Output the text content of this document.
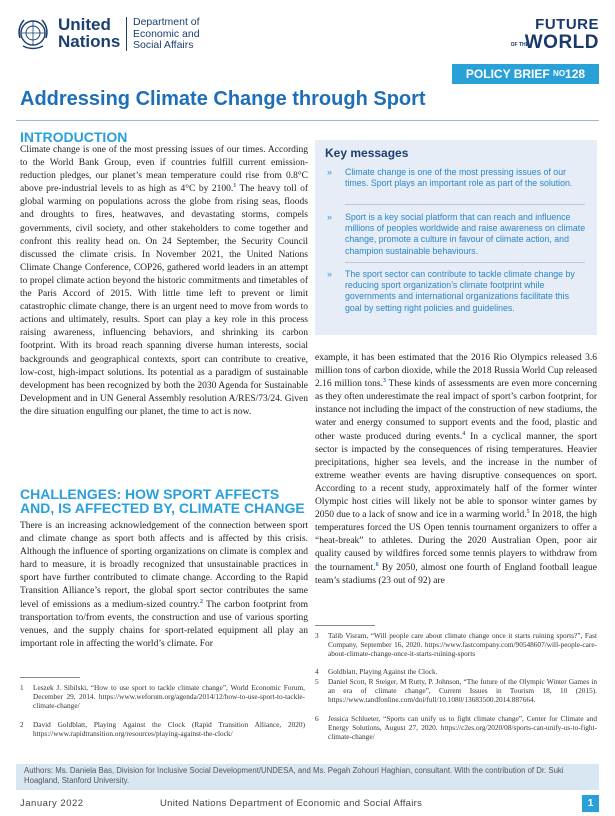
United
Nations
Department of
Economic and
Social Affairs
FUTURE
OF THE
WORLD
POLICY BRIEF NO128
Addressing Climate Change through Sport
INTRODUCTION
Climate change is one of the most pressing issues of our times. According to the World Bank Group, even if countries fulfill current emission-reduction pledges, our planet’s mean temperature could rise from 0.8°C above pre-industrial levels to as high as 4°C by 2100.$^1$ The heavy toll of global warming on populations across the globe from rising seas, floods and droughts to fires, heatwaves, and devastating storms, compels governments, civil society, and other stakeholders to come together and confront this reality head on. On 24 September, the Security Council discussed the climate crisis. In November 2021, the United Nations Climate Change Conference, COP26, gathered world leaders in an attempt to propel climate action beyond the historic commitments and timetables of the Paris Accord of 2015. With little time left to prevent or limit catastrophic climate change, there is an urgent need to move from words to actions and ultimately, results. Sport can play a key role in this process raising awareness, influencing behaviors, and shrinking its carbon footprint. With its broad reach spanning diverse human interests, social backgrounds and geographical contexts, sport can contribute to creative, low-cost, high-impact solutions. Its potential as a paradigm of sustainable development has been recognized by both the 2030 Agenda for Sustainable Development and in UN General Assembly resolution A/RES/73/24. Given the dire situation engulfing our planet, the time to act is now.
CHALLENGES: HOW SPORT AFFECTS AND, IS AFFECTED BY, CLIMATE CHANGE
There is an increasing acknowledgement of the connection between sport and climate change as sport both affects and is affected by this crisis. Although the influence of sporting organizations on climate is complex and hard to measure, it is broadly recognized that unsustainable practices in sport have further contributed to climate change. According to the Rapid Transition Alliance’s report, the global sport sector contributes the same level of emissions as a medium-sized country.$^2$ The carbon footprint from transportation to/from events, the construction and use of various sporting venues, and the supply chains for sport-related equipment all play an important role in affecting the world’s climate. For
Key messages
» Climate change is one of the most pressing issues of our times. Sport plays an important role as part of the solution.
» Sport is a key social platform that can reach and influence millions of peoples worldwide and raise awareness on climate change, promote a culture in favour of climate action, and champion sustainable behaviours.
» The sport sector can contribute to tackle climate change by reducing sport organization’s climate footprint while governments and international organizations facilitate this goal by setting right policies and guidelines.
example, it has been estimated that the 2016 Rio Olympics released 3.6 million tons of carbon dioxide, while the 2018 Russia World Cup released 2.16 million tons.$^3$ These kinds of assessments are even more concerning as they often underestimate the real impact of sport’s carbon footprint, for instance not including the impact of the construction of new stadiums, the water and energy consumed to support events and the food, plastic and other waste produced during events.$^4$ In a cyclical manner, the sport sector is impacted by the consequences of rising temperatures. Heavier precipitations, higher sea levels, and the increase in the number of extreme weather events are having disruptive consequences on sport. According to a recent study, approximately half of the former winter Olympic host cities will likely not be able to sponsor winter games by 2050 due to a lack of snow and ice in a warming world.$^5$ In 2018, the high temperatures forced the US Open tennis tournament organizers to offer a “heat-break” to athletes. During the 2020 Australian Open, poor air quality caused by wildfires forced some tennis players to withdraw from the tournament.$^6$ By 2050, almost one fourth of England football league team’s stadiums (23 out of 92) are
1 Leszek J. Sibilski, “How to use sport to tackle climate change”, World Economic Forum, December 29, 2014. https://www.weforum.org/agenda/2014/12/how-to-use-sport-to-tackle-climate-change/
2 David Goldblatt, Playing Against the Clock (Rapid Transition Alliance, 2020) https://www.rapidtransition.org/resources/playing-against-the-clock/
3 Talib Visram, “Will people care about climate change once it starts ruining sports?”, Fast Company, September 16, 2020. https://www.fastcompany.com/90548607/will-people-care-about-climate-change-once-it-starts-ruining-sports
4 Goldblatt, Playing Against the Clock.
5 Daniel Scott, R Steiger, M Rutty, P. Johnson, “The future of the Olympic Winter Games in an era of climate change”, Current Issues in Tourism 18, 10 (2015). https://www.tandfonline.com/doi/full/10.1080/13683500.2014.887664.
6 Jessica Schlueter, “Sports can unify us to fight climate change”, Center for Climate and Energy Solutions, August 27, 2020. https://c2es.org/2020/08/sports-can-unify-us-to-fight-climate-change/
Authors: Ms. Daniela Bas, Division for Inclusive Social Development/UNDESA, and Ms. Pegah Zohouri Haghian, consultant. With the contribution of Dr. Suki Hoagland, Stanford University.
January 2022	United Nations Department of Economic and Social Affairs	1
